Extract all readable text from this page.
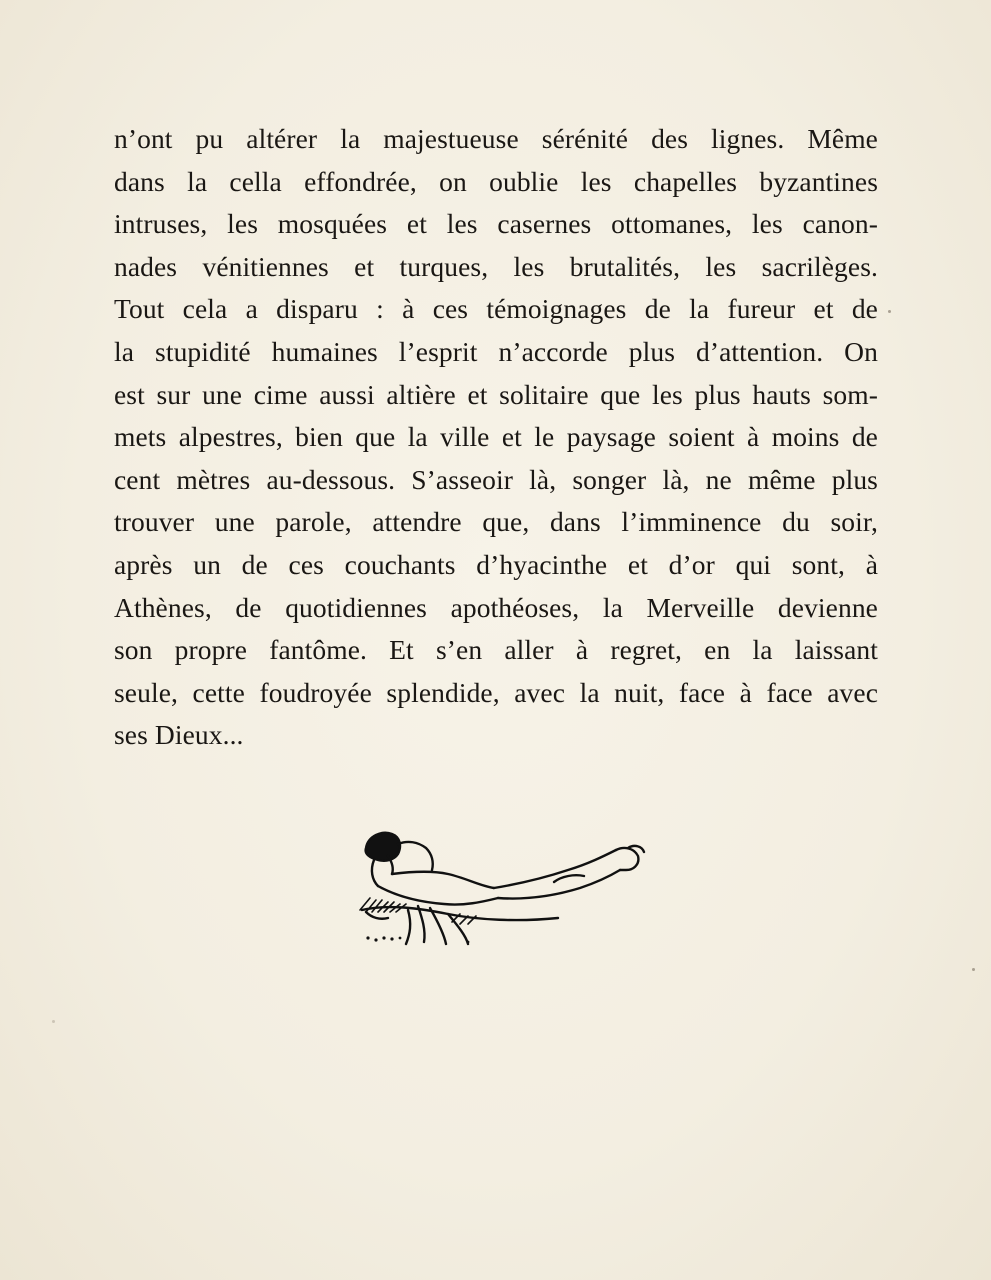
n’ont pu altérer la majestueuse sérénité des lignes. Même
dans la cella effondrée, on oublie les chapelles byzantines
intruses, les mosquées et les casernes ottomanes, les canon-
nades vénitiennes et turques, les brutalités, les sacrilèges.
Tout cela a disparu : à ces témoignages de la fureur et de
la stupidité humaines l’esprit n’accorde plus d’attention. On
est sur une cime aussi altière et solitaire que les plus hauts som-
mets alpestres, bien que la ville et le paysage soient à moins de
cent mètres au-dessous. S’asseoir là, songer là, ne même plus
trouver une parole, attendre que, dans l’imminence du soir,
après un de ces couchants d’hyacinthe et d’or qui sont, à
Athènes, de quotidiennes apothéoses, la Merveille devienne
son propre fantôme. Et s’en aller à regret, en la laissant
seule, cette foudroyée splendide, avec la nuit, face à face avec
ses Dieux...
